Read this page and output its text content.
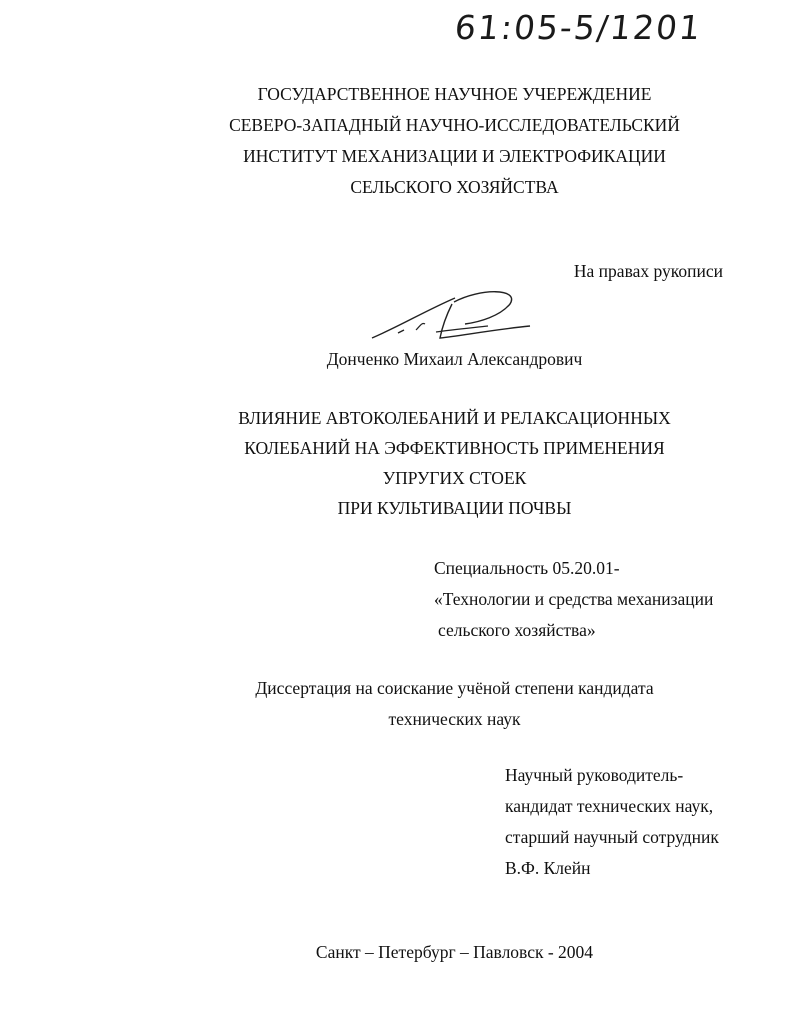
61:05-5/1201
ГОСУДАРСТВЕННОЕ НАУЧНОЕ УЧЕРЕЖДЕНИЕ
СЕВЕРО-ЗАПАДНЫЙ НАУЧНО-ИССЛЕДОВАТЕЛЬСКИЙ
ИНСТИТУТ МЕХАНИЗАЦИИ И ЭЛЕКТРОФИКАЦИИ
СЕЛЬСКОГО ХОЗЯЙСТВА
На правах рукописи
Донченко Михаил Александрович
ВЛИЯНИЕ АВТОКОЛЕБАНИЙ И РЕЛАКСАЦИОННЫХ
КОЛЕБАНИЙ НА ЭФФЕКТИВНОСТЬ ПРИМЕНЕНИЯ
УПРУГИХ СТОЕК
ПРИ КУЛЬТИВАЦИИ ПОЧВЫ
Специальность 05.20.01-
«Технологии и средства механизации
сельского хозяйства»
Диссертация на соискание учёной степени кандидата
технических наук
Научный руководитель-
кандидат технических наук,
старший научный сотрудник
В.Ф. Клейн
Санкт – Петербург – Павловск - 2004
